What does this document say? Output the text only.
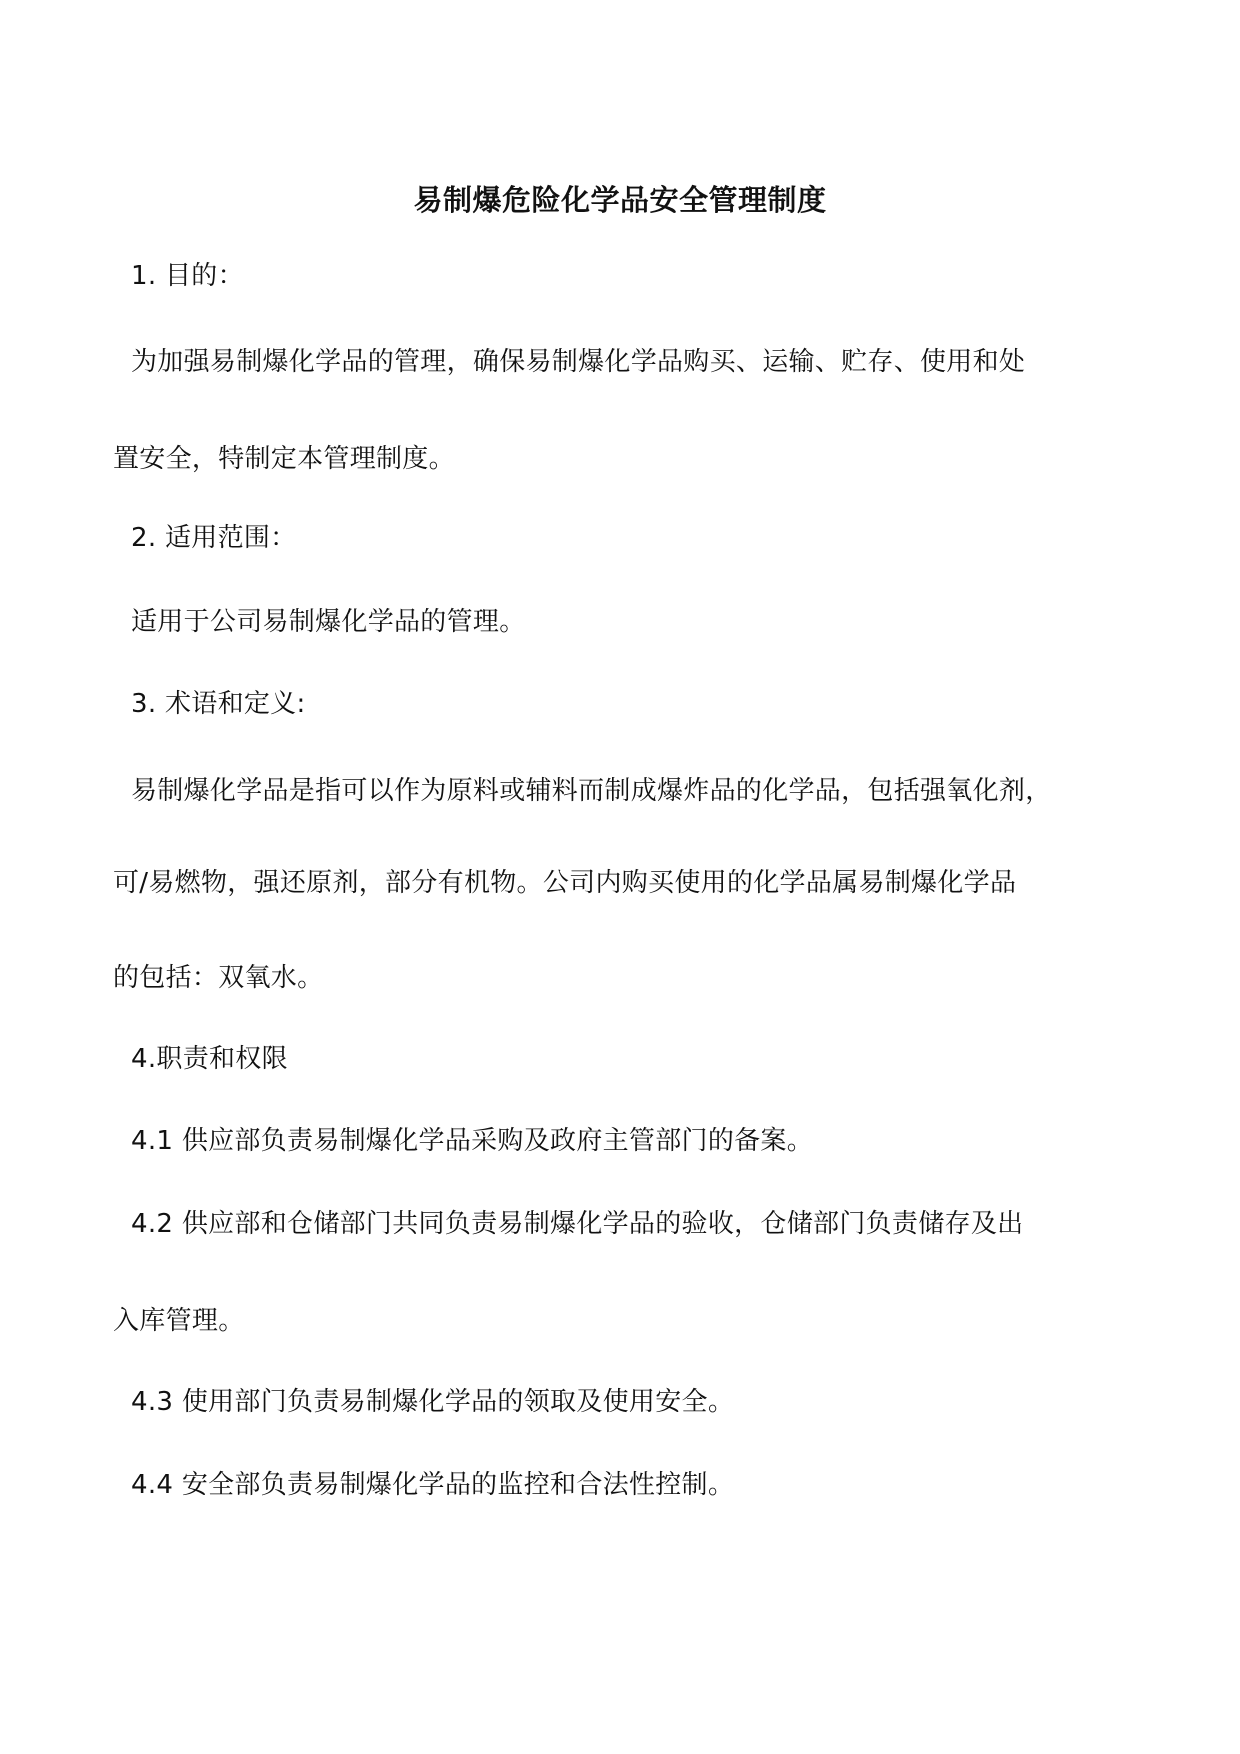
易制爆危险化学品安全管理制度
1. 目的：
为加强易制爆化学品的管理，确保易制爆化学品购买、运输、贮存、使用和处
置安全，特制定本管理制度。
2. 适用范围：
适用于公司易制爆化学品的管理。
3. 术语和定义:
易制爆化学品是指可以作为原料或辅料而制成爆炸品的化学品，包括强氧化剂，
可/易燃物，强还原剂，部分有机物。公司内购买使用的化学品属易制爆化学品
的包括：双氧水。
4.职责和权限
4.1 供应部负责易制爆化学品采购及政府主管部门的备案。
4.2 供应部和仓储部门共同负责易制爆化学品的验收，仓储部门负责储存及出
入库管理。
4.3 使用部门负责易制爆化学品的领取及使用安全。
4.4 安全部负责易制爆化学品的监控和合法性控制。
